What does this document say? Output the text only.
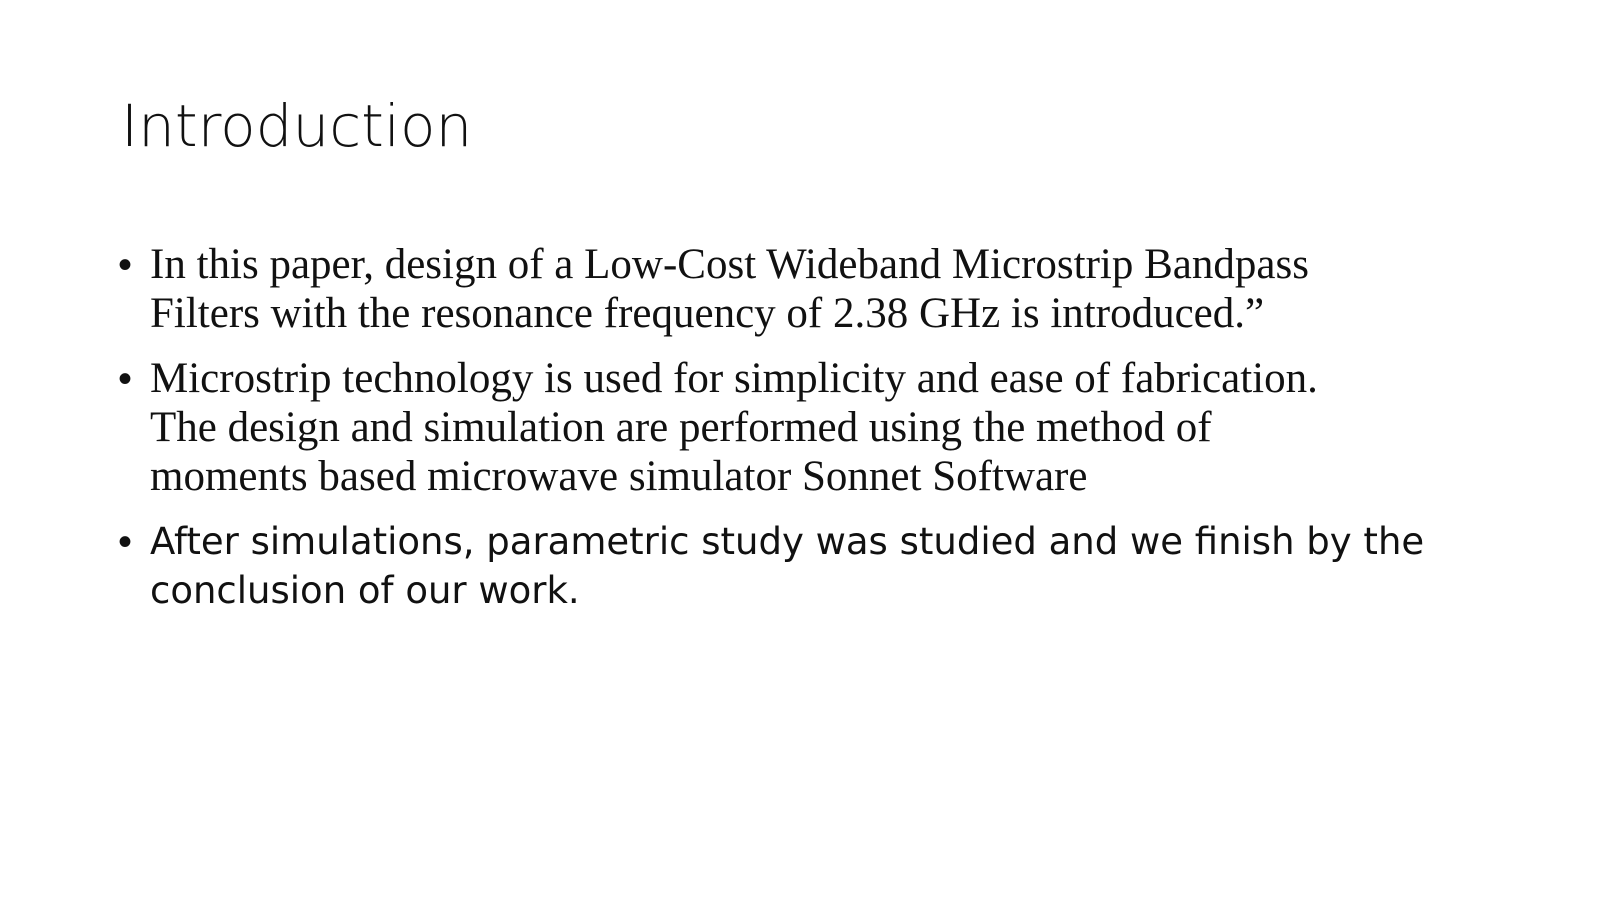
Introduction
• In this paper, design of a Low-Cost Wideband Microstrip Bandpass
Filters with the resonance frequency of 2.38 GHz is introduced.”
• Microstrip technology is used for simplicity and ease of fabrication.
The design and simulation are performed using the method of
moments based microwave simulator Sonnet Software
• After simulations, parametric study was studied and we finish by the
conclusion of our work.
